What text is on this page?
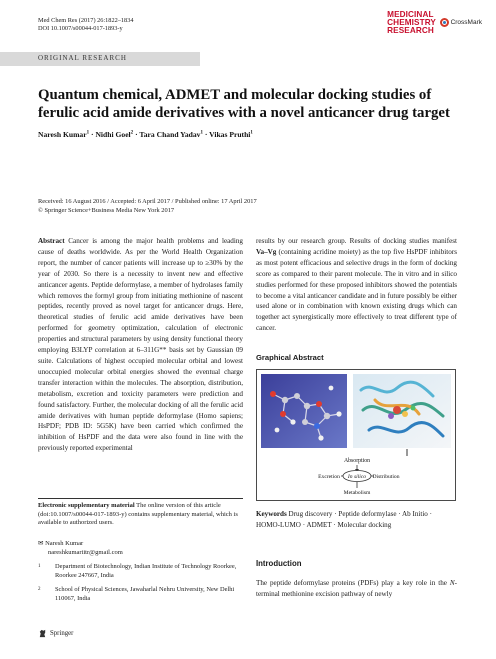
Med Chem Res (2017) 26:1822–1834
DOI 10.1007/s00044-017-1893-y
MEDICINAL
CHEMISTRY
RESEARCH
CrossMark
ORIGINAL RESEARCH
Quantum chemical, ADMET and molecular docking studies of
ferulic acid amide derivatives with a novel anticancer drug target
Naresh Kumar$^1$ · Nidhi Goel$^2$ · Tara Chand Yadav$^1$ · Vikas Pruthi$^1$
Received: 16 August 2016 / Accepted: 6 April 2017 / Published online: 17 April 2017
© Springer Science+Business Media New York 2017
Abstract Cancer is among the major health problems and leading cause of deaths worldwide. As per the World Health Organization report, the number of cancer patients will increase up to ≥30% by the year of 2030. So there is a necessity to invent new and effective anticancer agents. Peptide deformylase, a member of hydrolases family which removes the formyl group from initiating methionine of nascent peptides, recently proved as novel target for anticancer drugs. Here, theoretical studies of ferulic acid amide derivatives have been performed for geometry optimization, calculation of electronic properties and structural parameters by using density functional theory employing B3LYP correlation at 6–311G** basis set by Gaussian 09 suite. Calculations of highest occupied molecular orbital and lowest unoccupied molecular orbital energies showed the eventual charge transfer interaction within the molecules. The absorption, distribution, metabolism, excretion and toxicity parameters were prediction and found satisfactory. Further, the molecular docking of all the ferulic acid amide derivatives with human peptide deformylase (Homo sapiens; HsPDF; PDB ID: 5G5K) have been carried which confirmed the inhibition of HsPDF and the data were also found in line with the previously reported experimental
results by our research group. Results of docking studies manifest Va–Vg (containing acridine moiety) as the top five HsPDF inhibitors as most potent efficacious and selective drugs in the form of docking score as compared to their parent molecule. The in vitro and in silico studies performed for these proposed inhibitors showed the potentials to become a vital anticancer candidate and in future possibly be either used alone or in combination with known existing drugs which can together act synergistically more effectively to treat different type of cancer.
Graphical Abstract
Absorption
In silico
Excretion	Distribution
Metabolism
Keywords Drug discovery · Peptide deformylase · Ab Initio · HOMO-LUMO · ADMET · Molecular docking
Electronic supplementary material The online version of this article (doi:10.1007/s00044-017-1893-y) contains supplementary material, which is available to authorized users.
✉ Naresh Kumar
nareshkumariitr@gmail.com
1	Department of Biotechnology, Indian Institute of Technology Roorkee, Roorkee 247667, India
2	School of Physical Sciences, Jawaharlal Nehru University, New Delhi 110067, India
Springer
Introduction
The peptide deformylase proteins (PDFs) play a key role in the N-terminal methionine excision pathway of newly
